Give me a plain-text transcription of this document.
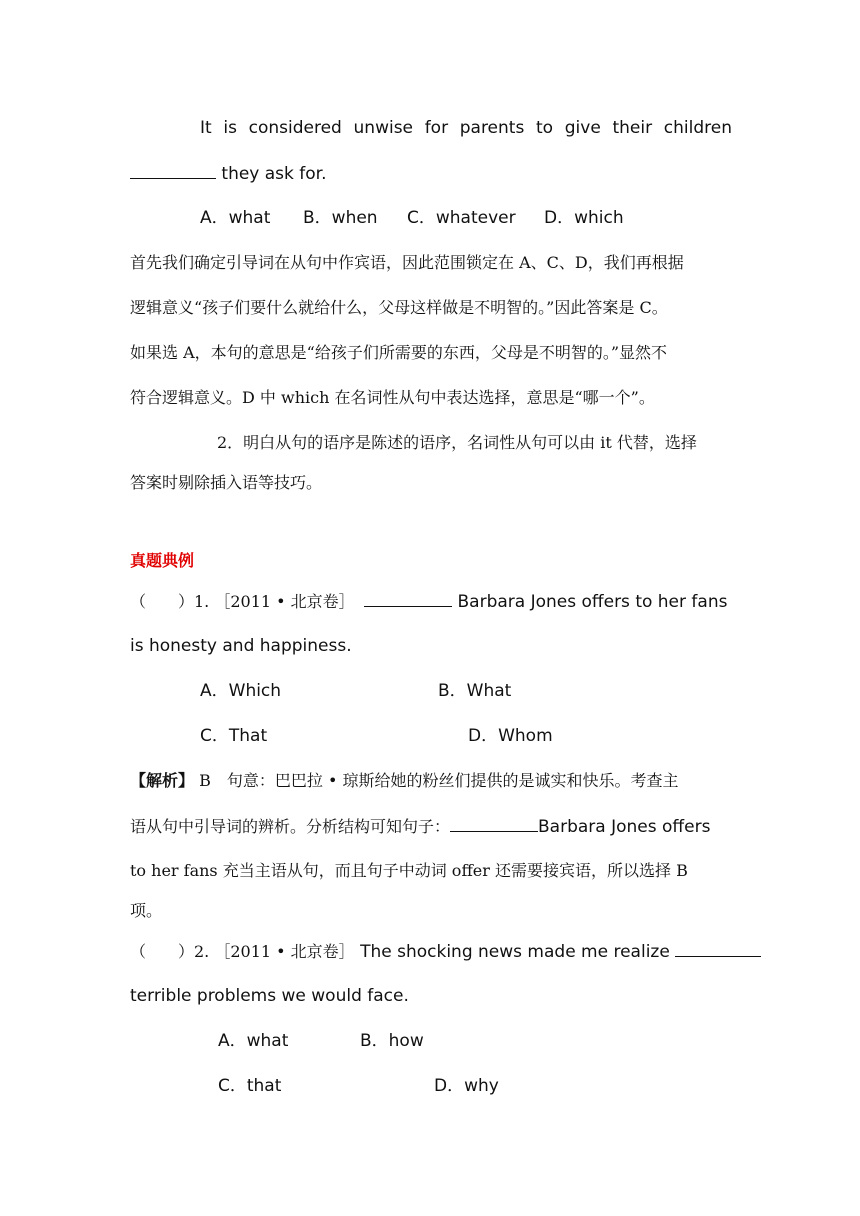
It is considered unwise for parents to give their children
they ask for.
A．what B．when C．whatever D．which
首先我们确定引导词在从句中作宾语，因此范围锁定在 A、C、D，我们再根据
逻辑意义“孩子们要什么就给什么，父母这样做是不明智的。”因此答案是 C。
如果选 A，本句的意思是“给孩子们所需要的东西，父母是不明智的。”显然不
符合逻辑意义。D 中 which 在名词性从句中表达选择，意思是“哪一个”。
2．明白从句的语序是陈述的语序，名词性从句可以由 it 代替，选择
答案时剔除插入语等技巧。
真题典例
（　　）1. ［2011 • 北京卷］	Barbara Jones offers to her fans
is honesty and happiness.
A．Which	B．What
C．That	D．Whom
【解析】 B　句意：巴巴拉 • 琼斯给她的粉丝们提供的是诚实和快乐。考查主
语从句中引导词的辨析。分析结构可知句子：	Barbara Jones offers
to her fans 充当主语从句，而且句子中动词 offer 还需要接宾语，所以选择 B
项。
（　　）2. ［2011 • 北京卷］ The shocking news made me realize
terrible problems we would face.
A．what	B．how
C．that	D．why
